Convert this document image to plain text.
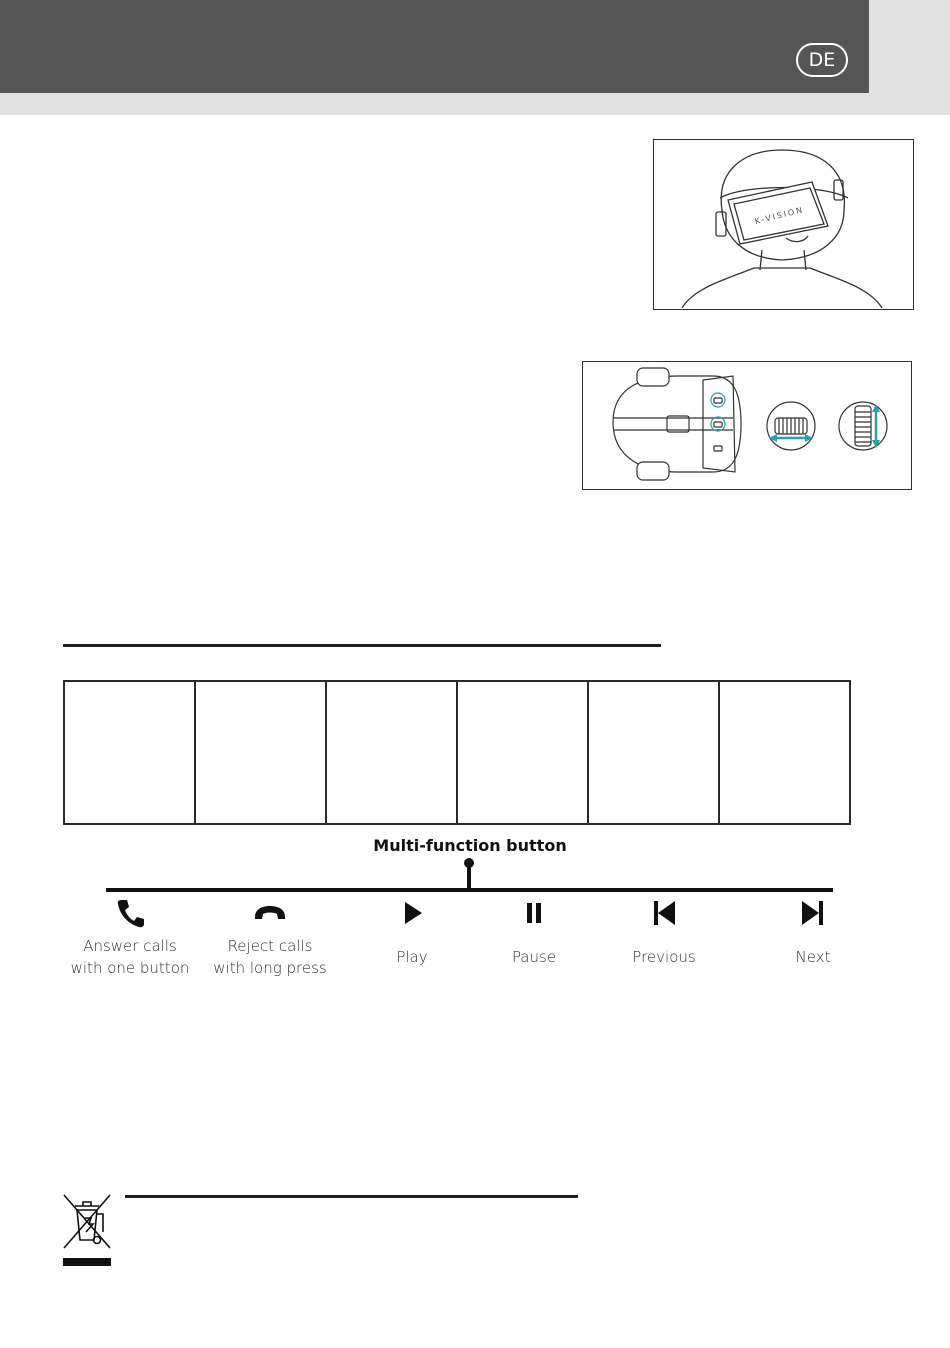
DE
K-VISION
Multi-function button
Answer calls
with one button
Reject calls
with long press
Play	Pause	Previous	Next
